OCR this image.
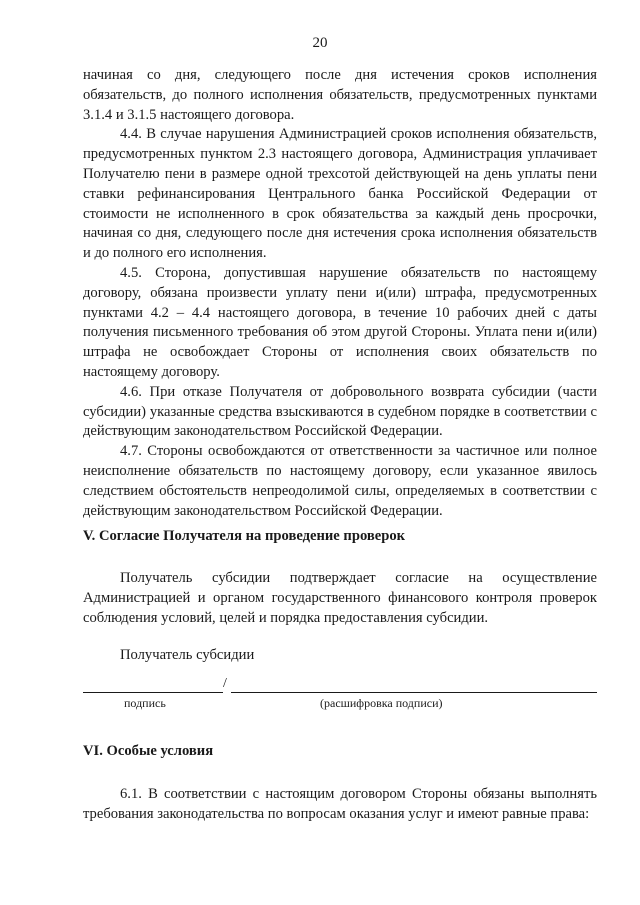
20

начиная со дня, следующего после дня истечения сроков исполнения обязательств, до полного исполнения обязательств, предусмотренных пунктами 3.1.4 и 3.1.5 настоящего договора.

4.4. В случае нарушения Администрацией сроков исполнения обязательств, предусмотренных пунктом 2.3 настоящего договора, Администрация уплачивает Получателю пени в размере одной трехсотой действующей на день уплаты пени ставки рефинансирования Центрального банка Российской Федерации от стоимости не исполненного в срок обязательства за каждый день просрочки, начиная со дня, следующего после дня истечения срока исполнения обязательств и до полного его исполнения.

4.5. Сторона, допустившая нарушение обязательств по настоящему договору, обязана произвести уплату пени и(или) штрафа, предусмотренных пунктами 4.2 – 4.4 настоящего договора, в течение 10 рабочих дней с даты получения письменного требования об этом другой Стороны. Уплата пени и(или) штрафа не освобождает Стороны от исполнения своих обязательств по настоящему договору.

4.6. При отказе Получателя от добровольного возврата субсидии (части субсидии) указанные средства взыскиваются в судебном порядке в соответствии с действующим законодательством Российской Федерации.

4.7. Стороны освобождаются от ответственности за частичное или полное неисполнение обязательств по настоящему договору, если указанное явилось следствием обстоятельств непреодолимой силы, определяемых в соответствии с действующим законодательством Российской Федерации.

V. Согласие Получателя на проведение проверок

Получатель субсидии подтверждает согласие на осуществление Администрацией и органом государственного финансового контроля проверок соблюдения условий, целей и порядка предоставления субсидии.

Получатель субсидии

/
подпись	(расшифровка подписи)

VI. Особые условия

6.1. В соответствии с настоящим договором Стороны обязаны выполнять требования законодательства по вопросам оказания услуг и имеют равные права:
